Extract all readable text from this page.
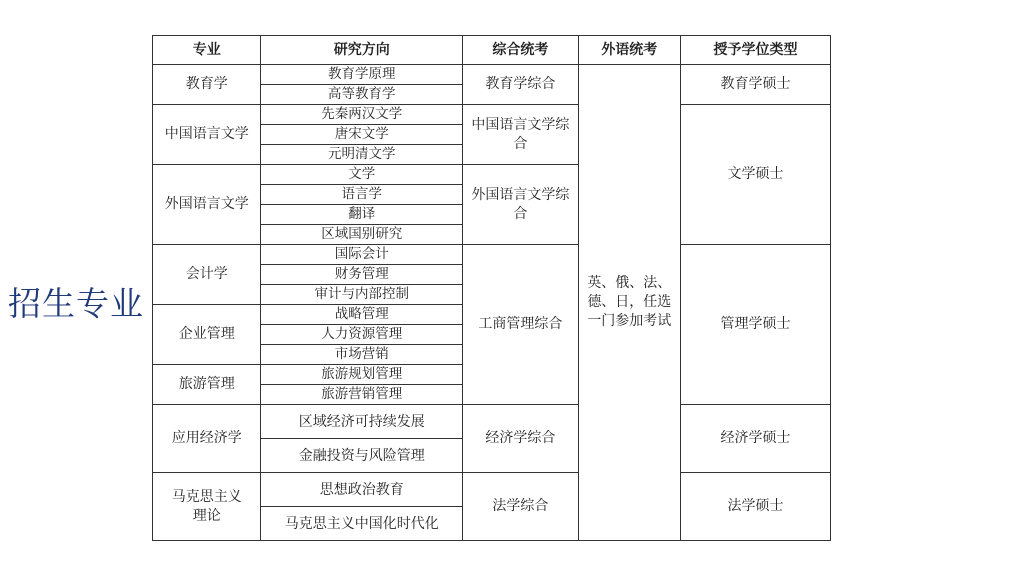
招生专业
专业	研究方向	综合统考	外语统考	授予学位类型
教育学	教育学原理	教育学综合	英、俄、法、德、日，任选一门参加考试	教育学硕士
	高等教育学			
中国语言文学	先秦两汉文学	中国语言文学综合		文学硕士
	唐宋文学			
	元明清文学			
外国语言文学	文学	外国语言文学综合		
	语言学			
	翻译			
	区域国别研究			
会计学	国际会计	工商管理综合		管理学硕士
	财务管理			
	审计与内部控制			
企业管理	战略管理			
	人力资源管理			
	市场营销			
旅游管理	旅游规划管理			
	旅游营销管理			
应用经济学	区域经济可持续发展	经济学综合		经济学硕士
	金融投资与风险管理			
马克思主义理论	思想政治教育	法学综合		法学硕士
	马克思主义中国化时代化			
